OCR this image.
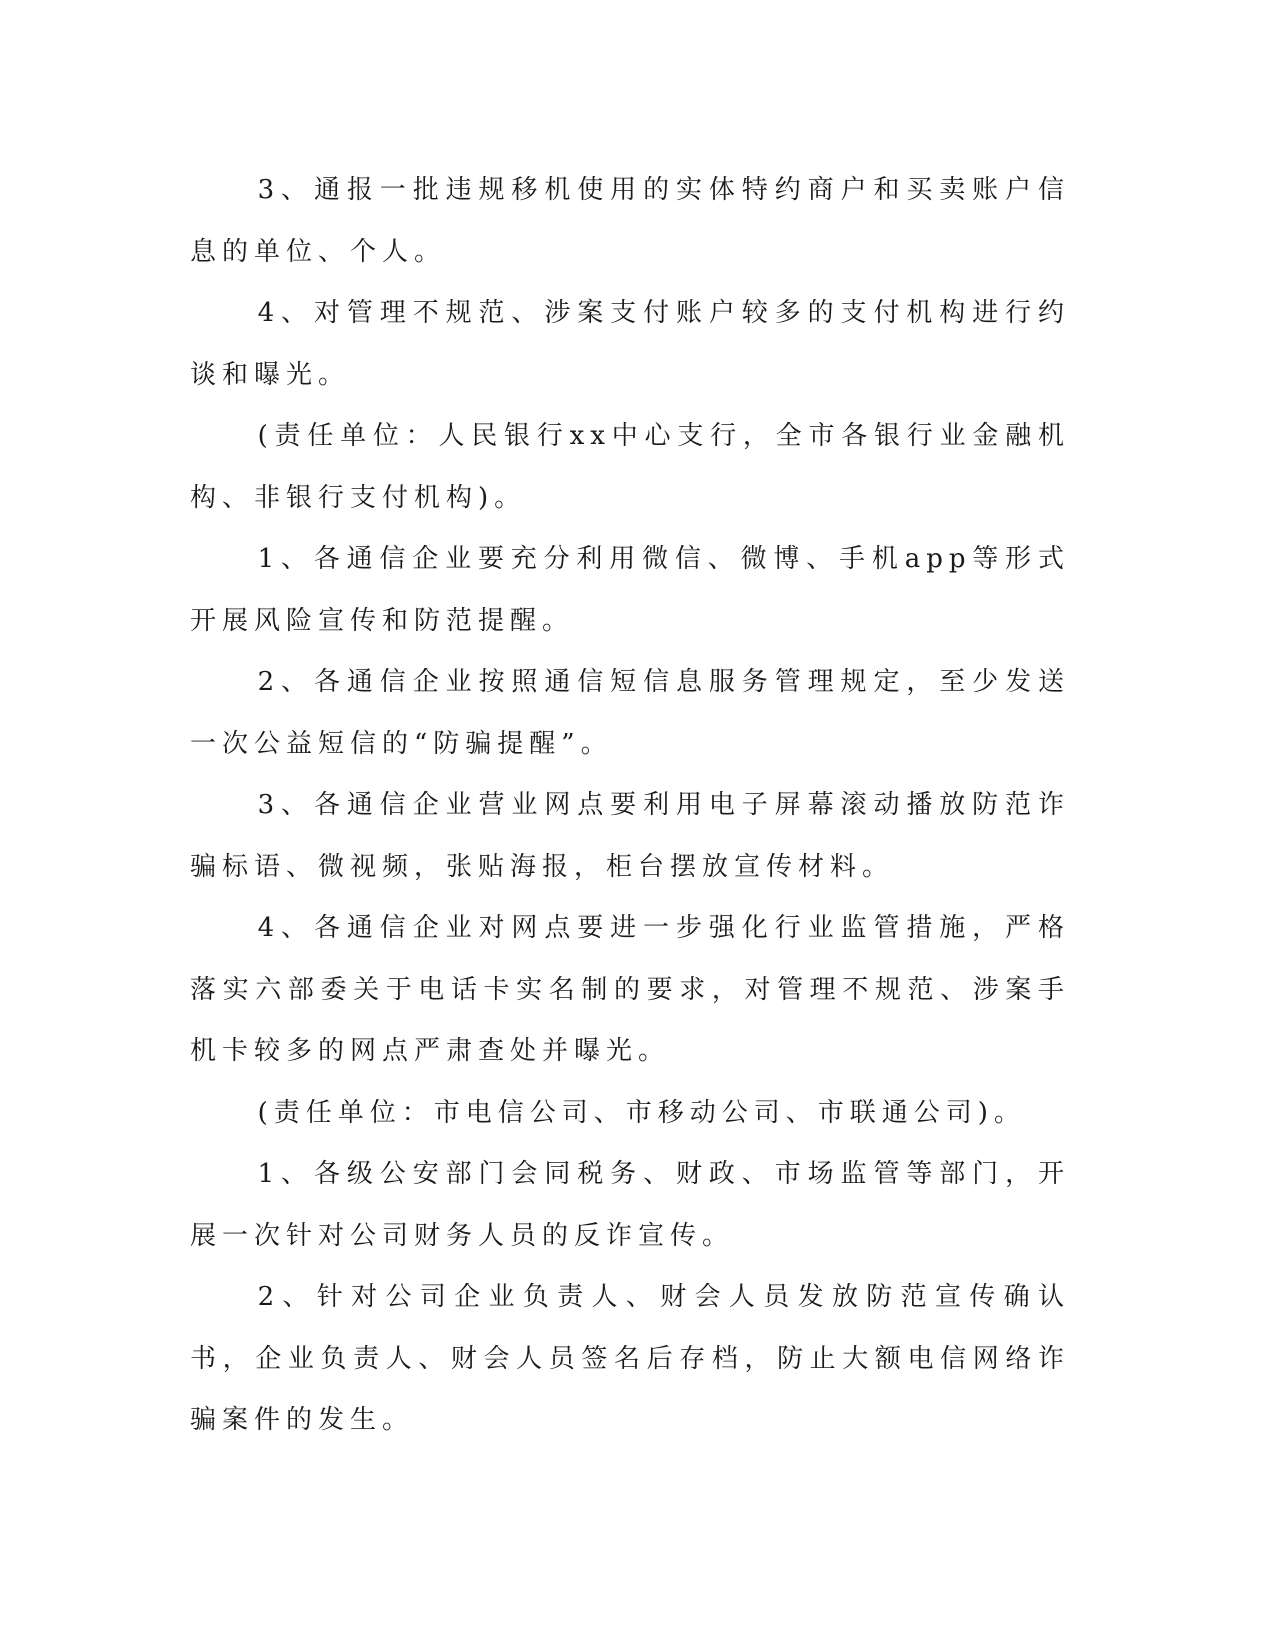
3、通报一批违规移机使用的实体特约商户和买卖账户信息的单位、个人。

4、对管理不规范、涉案支付账户较多的支付机构进行约谈和曝光。

(责任单位：人民银行xx中心支行，全市各银行业金融机构、非银行支付机构)。

1、各通信企业要充分利用微信、微博、手机app等形式开展风险宣传和防范提醒。

2、各通信企业按照通信短信息服务管理规定，至少发送一次公益短信的“防骗提醒”。

3、各通信企业营业网点要利用电子屏幕滚动播放防范诈骗标语、微视频，张贴海报，柜台摆放宣传材料。

4、各通信企业对网点要进一步强化行业监管措施，严格落实六部委关于电话卡实名制的要求，对管理不规范、涉案手机卡较多的网点严肃查处并曝光。

(责任单位：市电信公司、市移动公司、市联通公司)。

1、各级公安部门会同税务、财政、市场监管等部门，开展一次针对公司财务人员的反诈宣传。

2、针对公司企业负责人、财会人员发放防范宣传确认书，企业负责人、财会人员签名后存档，防止大额电信网络诈骗案件的发生。
